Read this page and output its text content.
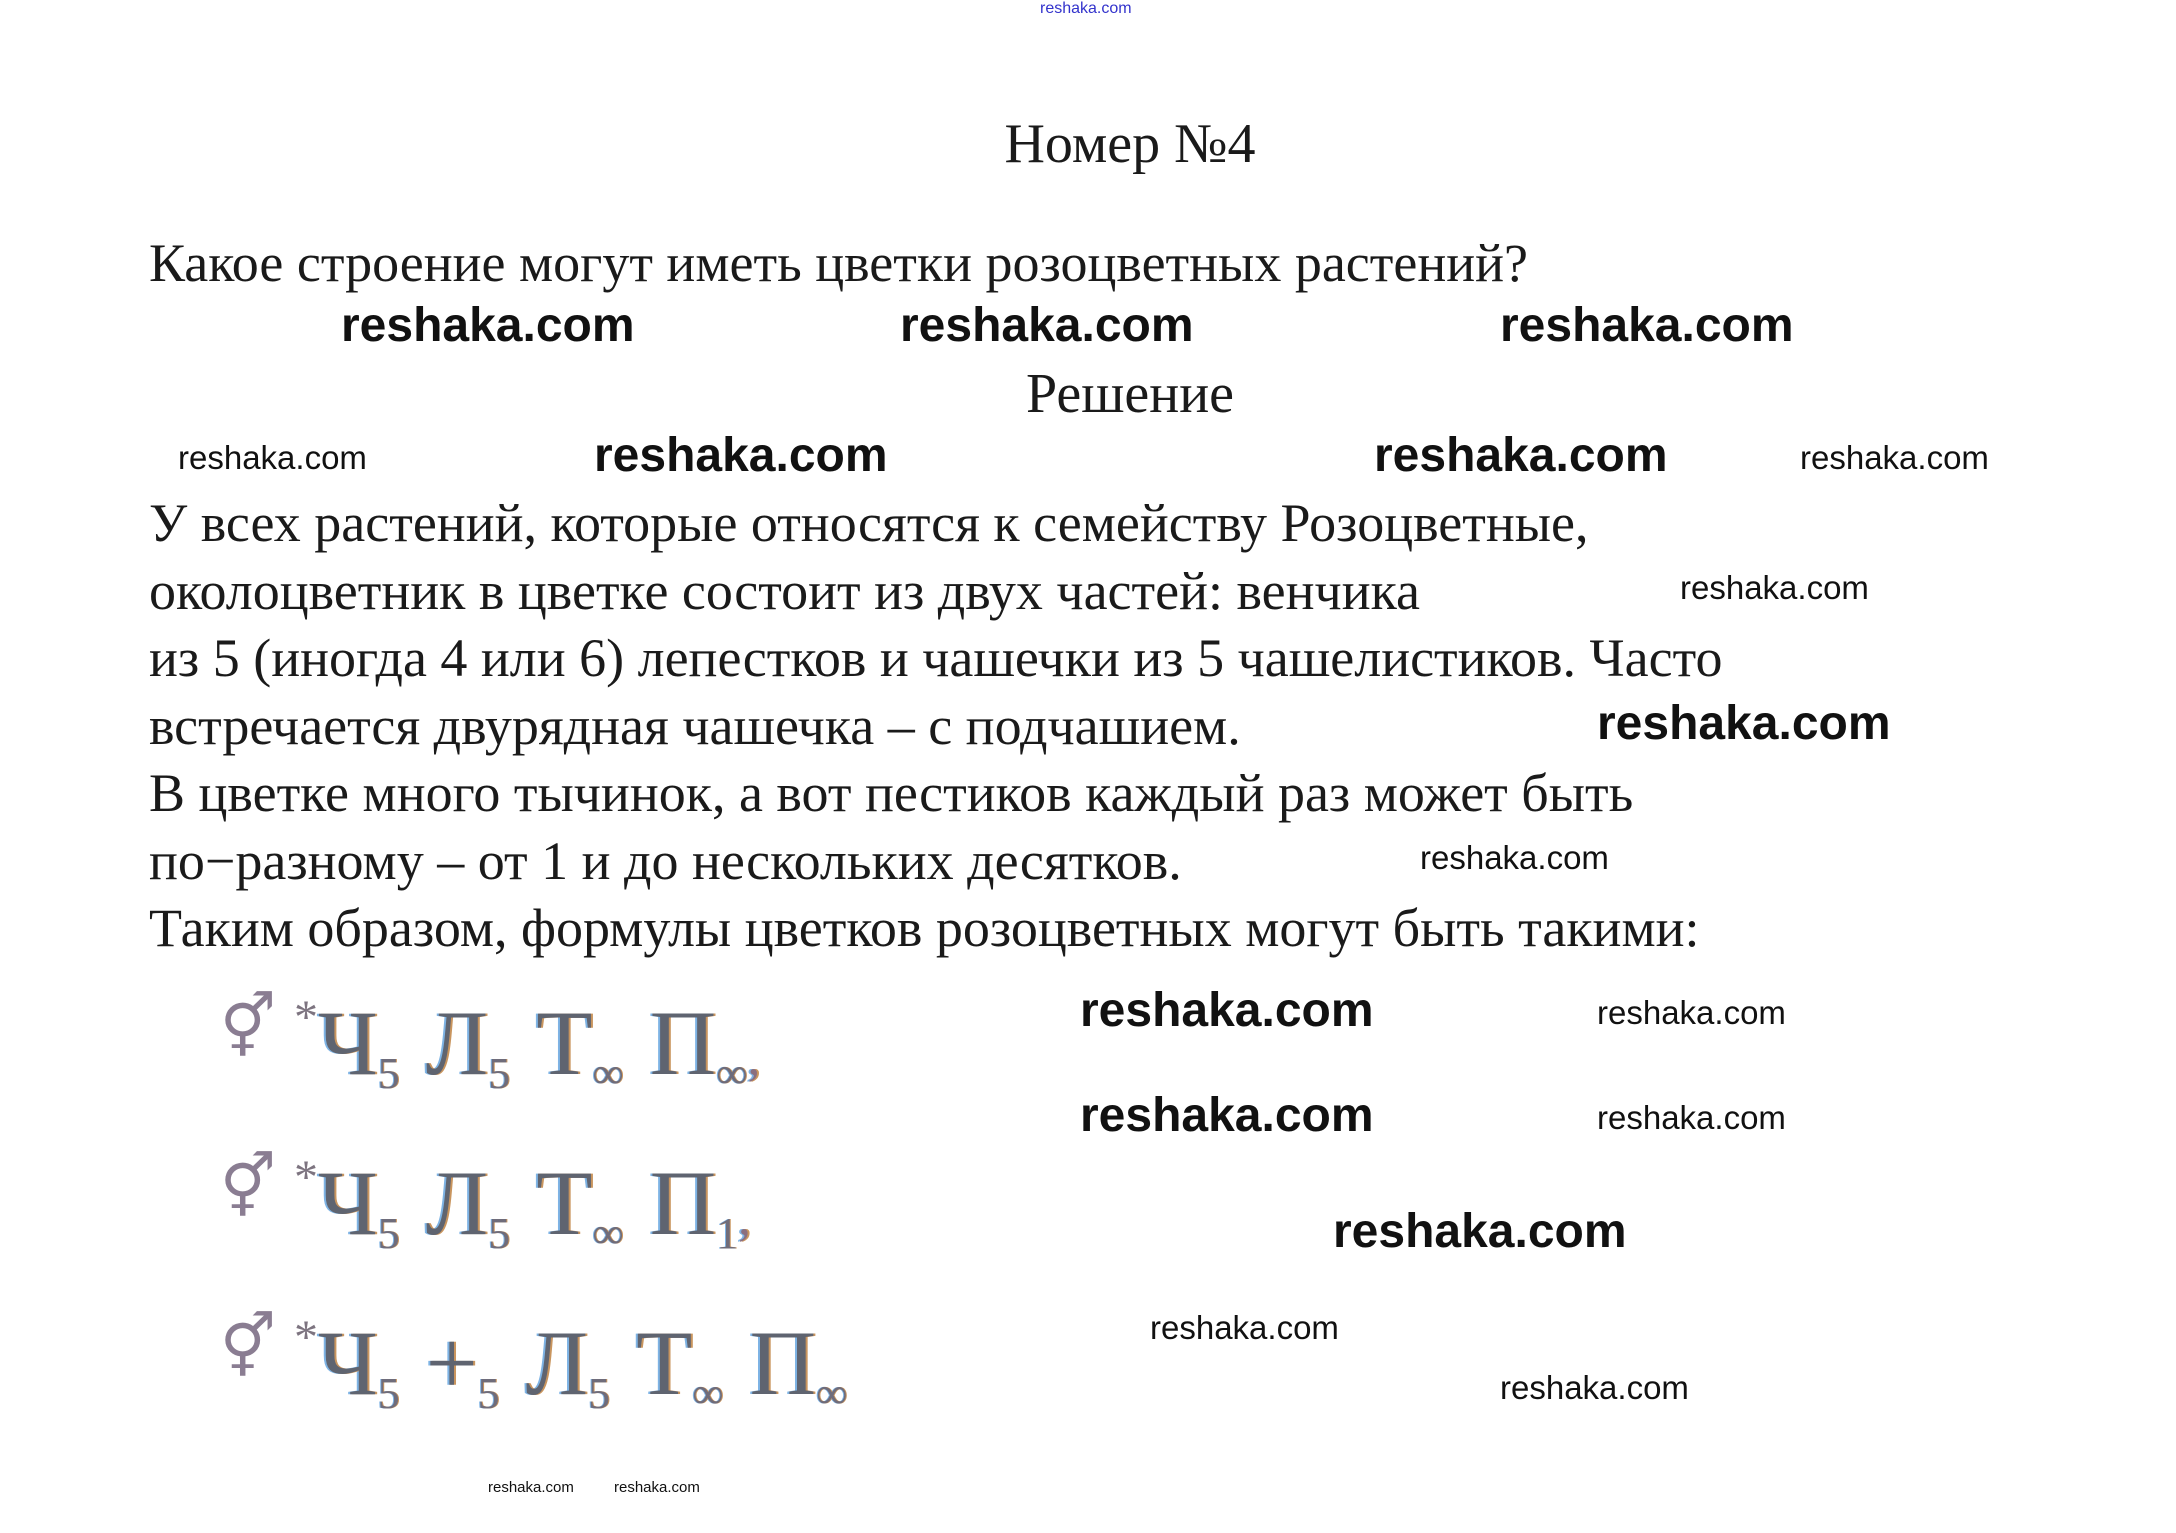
reshaka.com
Номер №4
Какое строение могут иметь цветки розоцветных растений?
Решение
У всех растений, которые относятся к семейству Розоцветные,
околоцветник в цветке состоит из двух частей: венчика
из 5 (иногда 4 или 6) лепестков и чашечки из 5 чашелистиков. Часто
встречается двурядная чашечка – с подчашием.
В цветке много тычинок, а вот пестиков каждый раз может быть
по−разному – от 1 и до нескольких десятков.
Таким образом, формулы цветков розоцветных могут быть такими:
⚥ $*Ч_5$ $Л_5$ $Т_\infty$ $П_\infty$,
⚥ $*Ч_5$ $Л_5$ $Т_\infty$ $П_1$,
⚥ $*Ч_5 +_5$ $Л_5$ $Т_\infty$ $П_\infty$
reshaka.com	reshaka.com
reshaka.com
reshaka.com	reshaka.com
reshaka.com
reshaka.com
reshaka.com
reshaka.com
reshaka.com
reshaka.com	reshaka.com
reshaka.com	reshaka.com
reshaka.com
reshaka.com
reshaka.com	reshaka.com
reshaka.com
